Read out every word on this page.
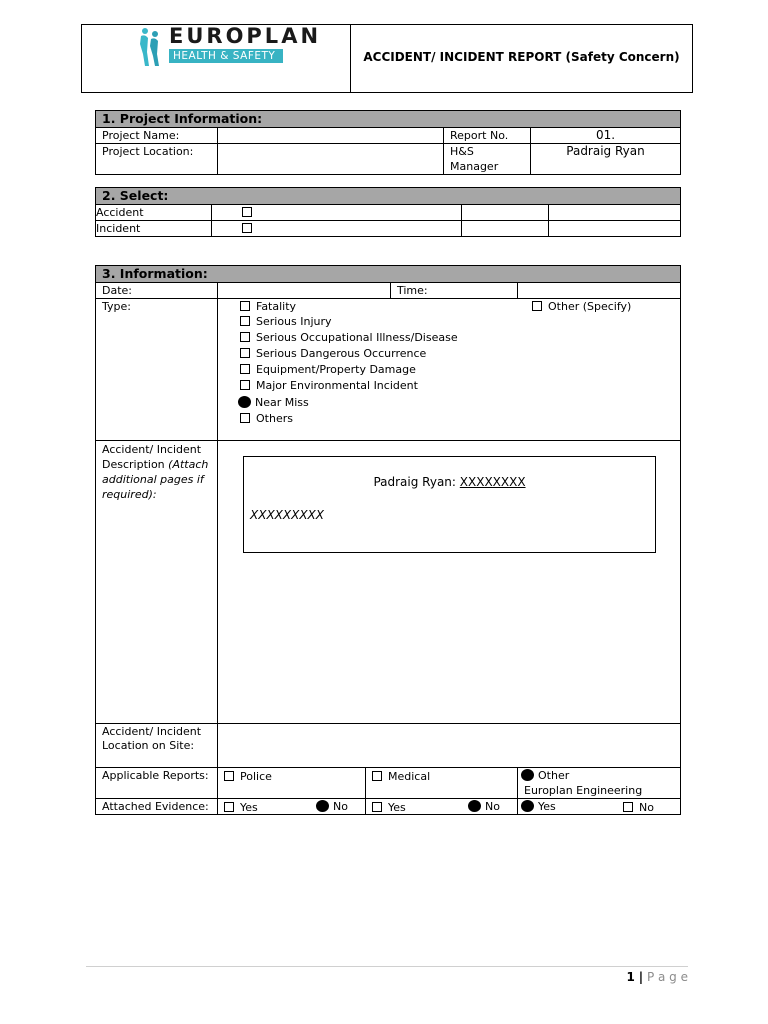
EUROPLAN
HEALTH & SAFETY	ACCIDENT/ INCIDENT REPORT (Safety Concern)
1. Project Information:
Project Name:		Report No.	01.
Project Location:		H&S Manager	Padraig Ryan
2. Select:
Accident			
Incident			
3. Information:
Date:	Time:
Type:	Fatality
Serious Injury
Serious Occupational Illness/Disease
Serious Dangerous Occurrence
Equipment/Property Damage
Major Environmental Incident
Near Miss
Others
Other (Specify)
Accident/ Incident Description (Attach additional pages if required):
Padraig Ryan: XXXXXXXX
XXXXXXXXX
Accident/ Incident Location on Site:
Applicable Reports:	Police	Medical	Other
Europlan Engineering
Attached Evidence:	Yes	No	Yes	No	Yes	No
1 | P a g e
